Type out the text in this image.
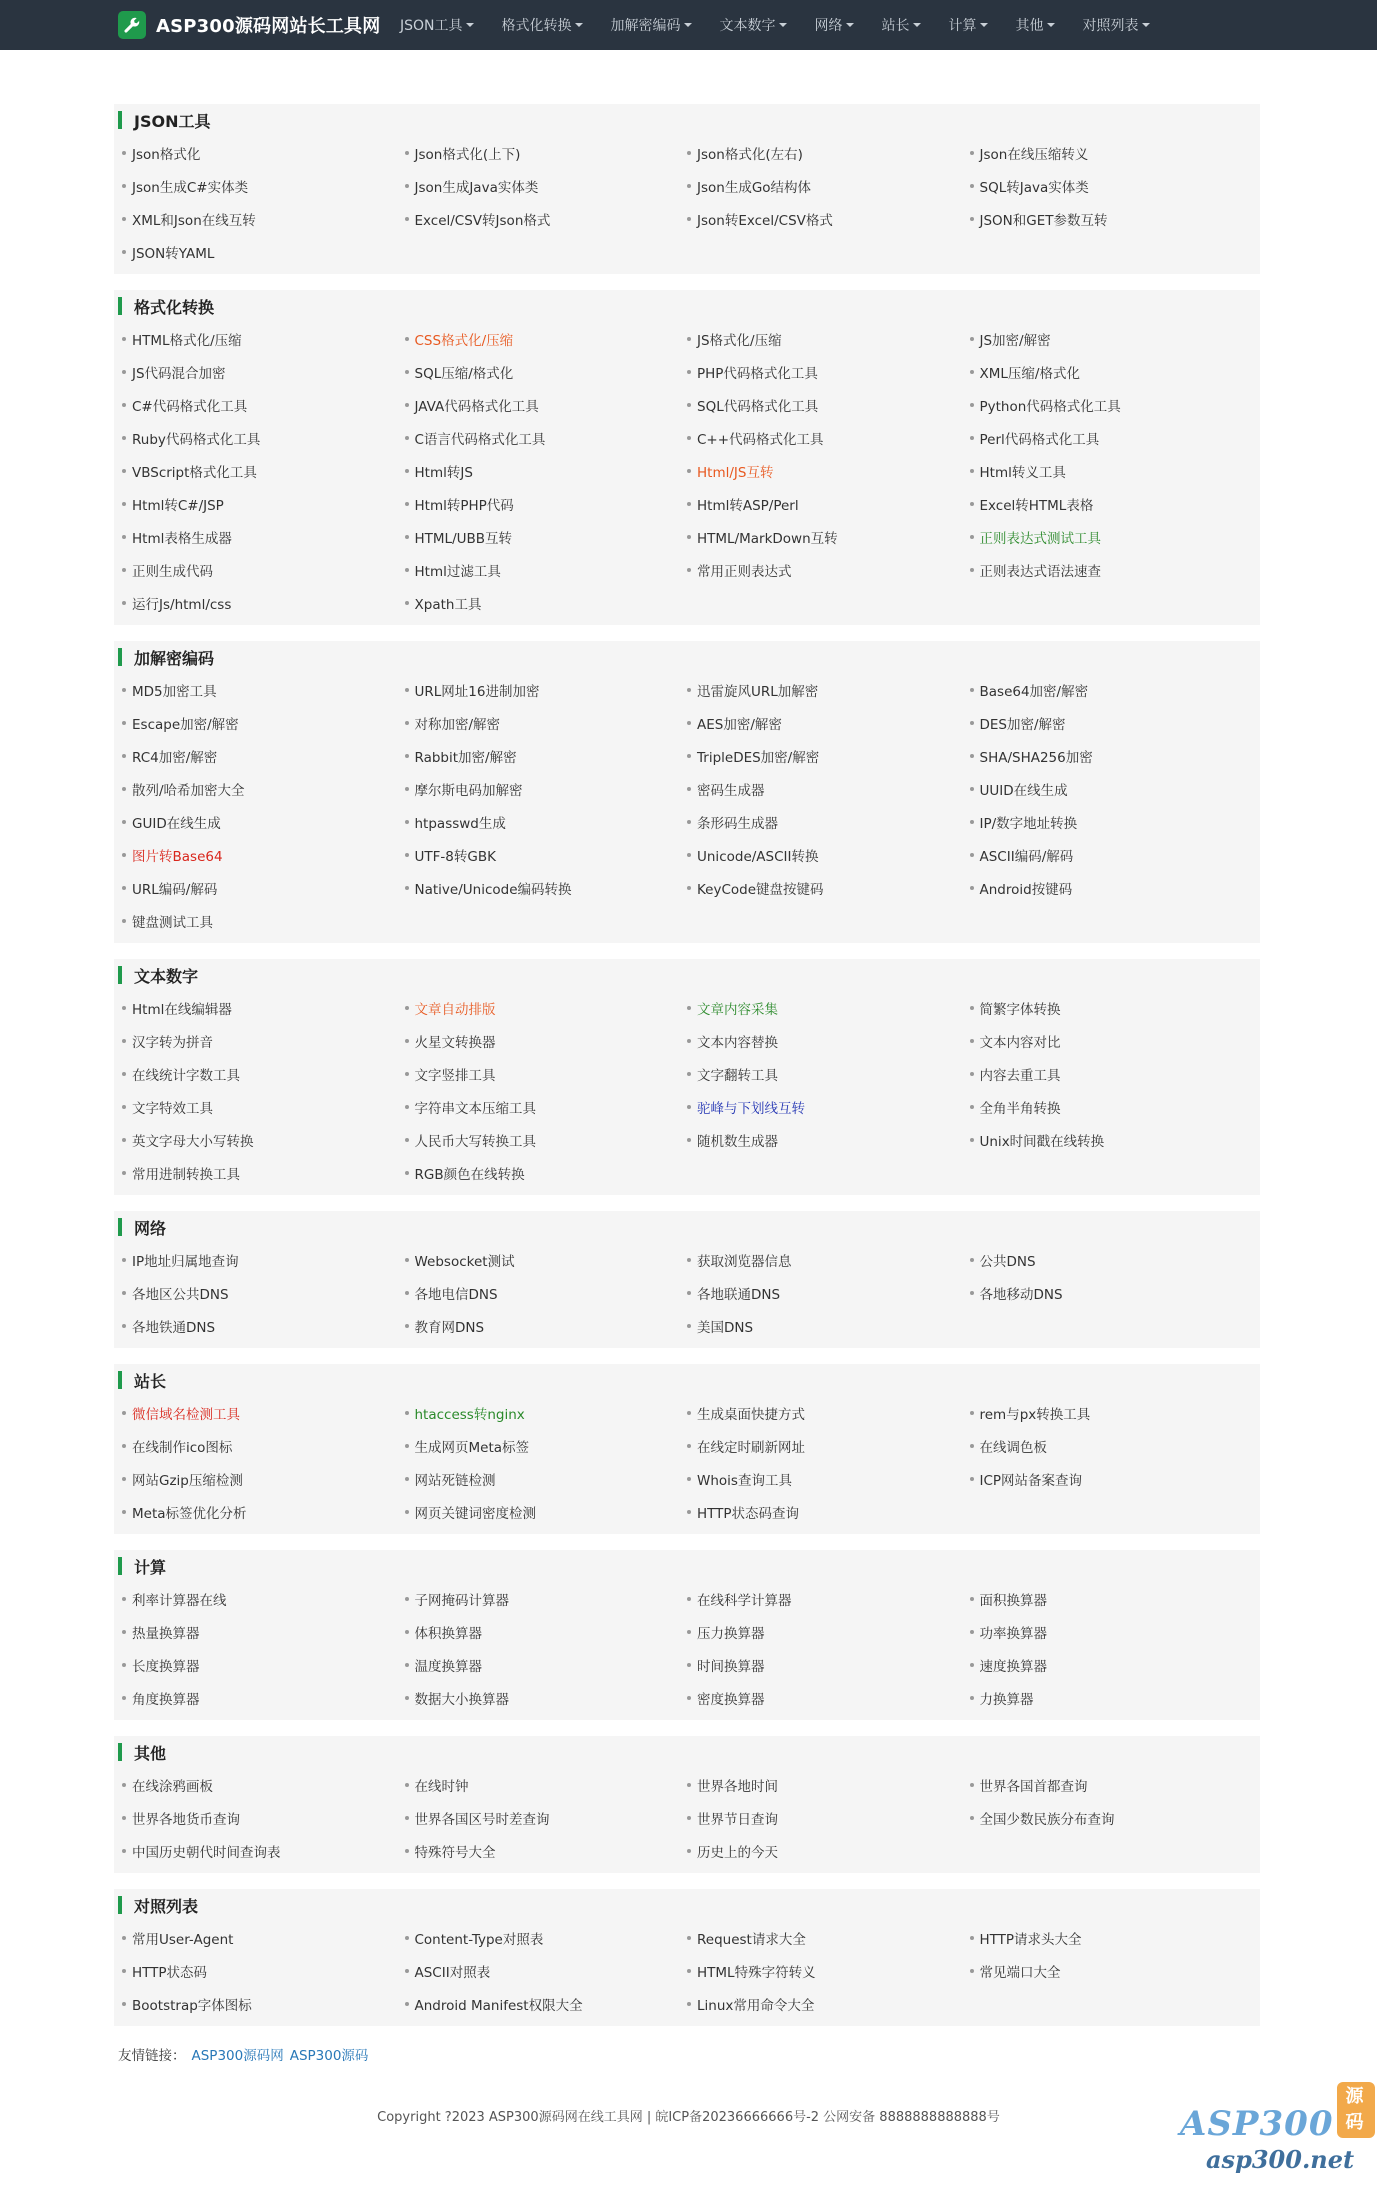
ASP300源码网站长工具网 JSON工具	格式化转换	加解密编码	文本数字	网络	站长	计算	其他	对照列表
JSON工具
Json格式化	Json格式化(上下)	Json格式化(左右)	Json在线压缩转义
Json生成C#实体类	Json生成Java实体类	Json生成Go结构体	SQL转Java实体类
XML和Json在线互转	Excel/CSV转Json格式	Json转Excel/CSV格式	JSON和GET参数互转
JSON转YAML
格式化转换
HTML格式化/压缩	CSS格式化/压缩	JS格式化/压缩	JS加密/解密
JS代码混合加密	SQL压缩/格式化	PHP代码格式化工具	XML压缩/格式化
C#代码格式化工具	JAVA代码格式化工具	SQL代码格式化工具	Python代码格式化工具
Ruby代码格式化工具	C语言代码格式化工具	C++代码格式化工具	Perl代码格式化工具
VBScript格式化工具	Html转JS	Html/JS互转	Html转义工具
Html转C#/JSP	Html转PHP代码	Html转ASP/Perl	Excel转HTML表格
Html表格生成器	HTML/UBB互转	HTML/MarkDown互转	正则表达式测试工具
正则生成代码	Html过滤工具	常用正则表达式	正则表达式语法速查
运行Js/html/css	Xpath工具
加解密编码
MD5加密工具	URL网址16进制加密	迅雷旋风URL加解密	Base64加密/解密
Escape加密/解密	对称加密/解密	AES加密/解密	DES加密/解密
RC4加密/解密	Rabbit加密/解密	TripleDES加密/解密	SHA/SHA256加密
散列/哈希加密大全	摩尔斯电码加解密	密码生成器	UUID在线生成
GUID在线生成	htpasswd生成	条形码生成器	IP/数字地址转换
图片转Base64	UTF-8转GBK	Unicode/ASCII转换	ASCII编码/解码
URL编码/解码	Native/Unicode编码转换	KeyCode键盘按键码	Android按键码
键盘测试工具
文本数字
Html在线编辑器	文章自动排版	文章内容采集	简繁字体转换
汉字转为拼音	火星文转换器	文本内容替换	文本内容对比
在线统计字数工具	文字竖排工具	文字翻转工具	内容去重工具
文字特效工具	字符串文本压缩工具	驼峰与下划线互转	全角半角转换
英文字母大小写转换	人民币大写转换工具	随机数生成器	Unix时间戳在线转换
常用进制转换工具	RGB颜色在线转换
网络
IP地址归属地查询	Websocket测试	获取浏览器信息	公共DNS
各地区公共DNS	各地电信DNS	各地联通DNS	各地移动DNS
各地铁通DNS	教育网DNS	美国DNS
站长
微信域名检测工具	htaccess转nginx	生成桌面快捷方式	rem与px转换工具
在线制作ico图标	生成网页Meta标签	在线定时刷新网址	在线调色板
网站Gzip压缩检测	网站死链检测	Whois查询工具	ICP网站备案查询
Meta标签优化分析	网页关键词密度检测	HTTP状态码查询
计算
利率计算器在线	子网掩码计算器	在线科学计算器	面积换算器
热量换算器	体积换算器	压力换算器	功率换算器
长度换算器	温度换算器	时间换算器	速度换算器
角度换算器	数据大小换算器	密度换算器	力换算器
其他
在线涂鸦画板	在线时钟	世界各地时间	世界各国首都查询
世界各地货币查询	世界各国区号时差查询	世界节日查询	全国少数民族分布查询
中国历史朝代时间查询表	特殊符号大全	历史上的今天
对照列表
常用User-Agent	Content-Type对照表	Request请求大全	HTTP请求头大全
HTTP状态码	ASCII对照表	HTML特殊字符转义	常见端口大全
Bootstrap字体图标	Android Manifest权限大全	Linux常用命令大全
友情链接： ASP300源码网 ASP300源码
Copyright ?2023 ASP300源码网在线工具网 | 皖ICP备20236666666号-2 公网安备 8888888888888号	ASP300
源码
asp300.net
